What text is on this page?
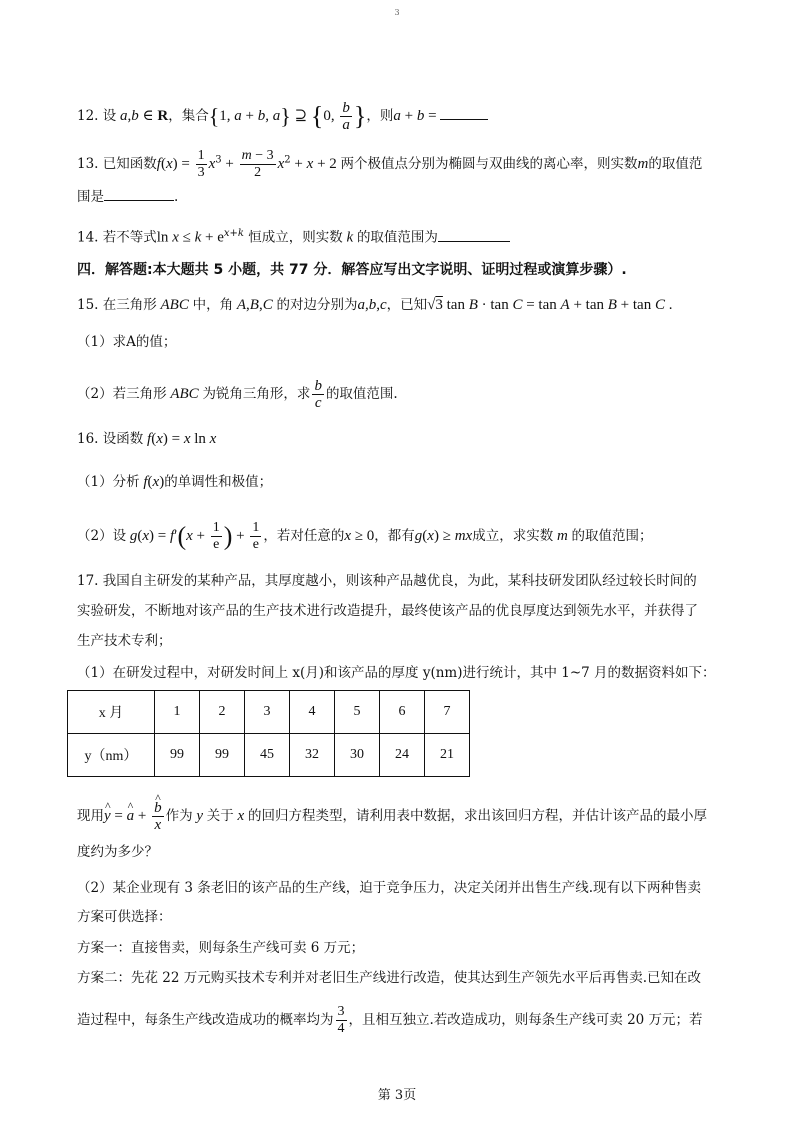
3
12. 设 a,b ∈ R，集合{1, a + b, a} ⊇ {0, $\frac{b}{a}$ }，则a + b =
13. 已知函数$f(x) = \frac{1}{3} x^3 + \frac{m - 3}{2} x^2 + x + 2$ 两个极值点分别为椭圆与双曲线的离心率，则实数m的取值范
围是	.
14. 若不等式$\ln x \le k + e^{x+k}$ 恒成立，则实数 k 的取值范围为
四．解答题:本大题共 5 小题，共 77 分．解答应写出文字说明、证明过程或演算步骤）.
15. 在三角形 ABC 中，角 A,B,C 的对边分别为a,b,c，已知√3 tan B · tan C = tan A + tan B + tan C .
（1）求A的值；
（2）若三角形 ABC 为锐角三角形，求 $\frac{b}{c}$ 的取值范围.
16. 设函数 f(x) = x ln x
（1）分析 f(x)的单调性和极值；
（2）设 $g(x) = f'(x + \frac{1}{e}$ ) + $\frac{1}{e}$ ，若对任意的x ≥ 0，都有g(x) ≥ mx成立，求实数 m 的取值范围；
17. 我国自主研发的某种产品，其厚度越小，则该种产品越优良，为此，某科技研发团队经过较长时间的
实验研发，不断地对该产品的生产技术进行改造提升，最终使该产品的优良厚度达到领先水平，并获得了
生产技术专利；
（1）在研发过程中，对研发时间上 x(月)和该产品的厚度 y(nm)进行统计，其中 1~7 月的数据资料如下：
x 月	1	2	3	4	5	6	7
y（nm）	99	99	45	32	30	24	21
现用^ y = ^ a + ^ $\frac{b}{x}$ 作为 y 关于 x 的回归方程类型，请利用表中数据，求出该回归方程，并估计该产品的最小厚
度约为多少？
（2）某企业现有 3 条老旧的该产品的生产线，迫于竞争压力，决定关闭并出售生产线.现有以下两种售卖
方案可供选择：
方案一：直接售卖，则每条生产线可卖 6 万元；
方案二：先花 22 万元购买技术专利并对老旧生产线进行改造，使其达到生产领先水平后再售卖.已知在改
造过程中，每条生产线改造成功的概率均为 $\frac{3}{4}$ ，且相互独立.若改造成功，则每条生产线可卖 20 万元；若
第 3页
